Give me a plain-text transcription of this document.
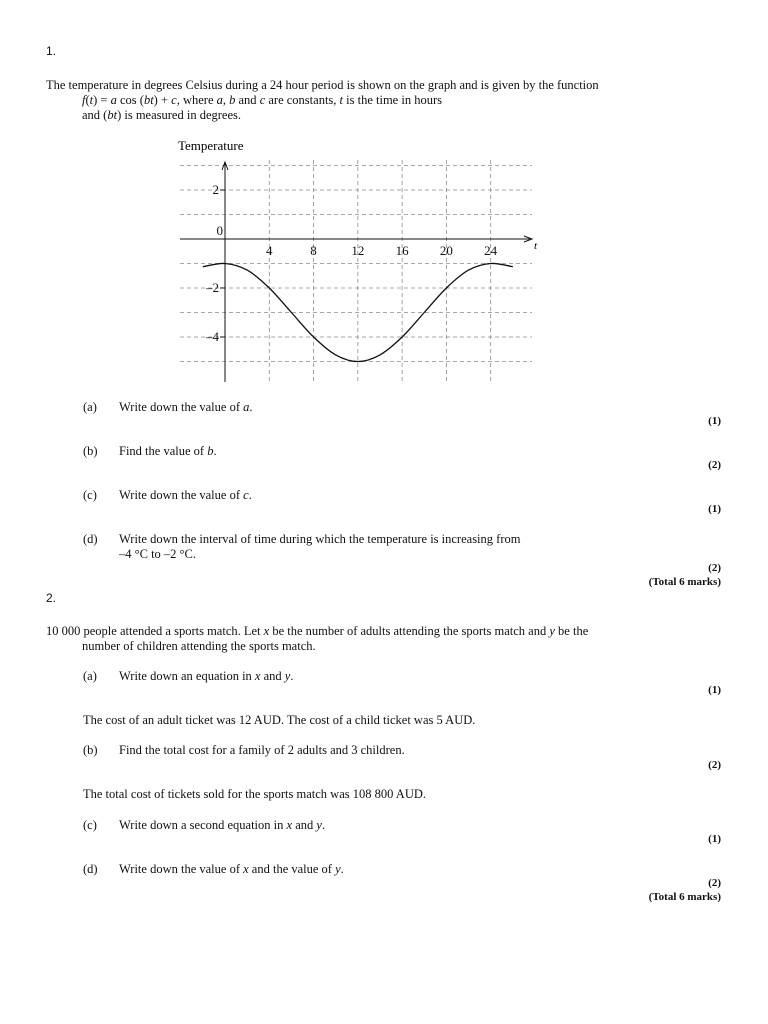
1.
The temperature in degrees Celsius during a 24 hour period is shown on the graph and is given by the function
f(t) = a cos (bt) + c, where a, b and c are constants, t is the time in hours
and (bt) is measured in degrees.
4	8	12 16 20 24
2
0
–2
–4
Temperature
t
(a)	Write down the value of a.
(1)
(b)	Find the value of b.
(2)
(c)	Write down the value of c.
(1)
(d)	Write down the interval of time during which the temperature is increasing from
–4 °C to –2 °C.
(2)
(Total 6 marks)
2.
10 000 people attended a sports match. Let x be the number of adults attending the sports match and y be the
number of children attending the sports match.
(a)	Write down an equation in x and y.
(1)
The cost of an adult ticket was 12 AUD. The cost of a child ticket was 5 AUD.
(b)	Find the total cost for a family of 2 adults and 3 children.
(2)
The total cost of tickets sold for the sports match was 108 800 AUD.
(c)	Write down a second equation in x and y.
(1)
(d)	Write down the value of x and the value of y.
(2)
(Total 6 marks)
